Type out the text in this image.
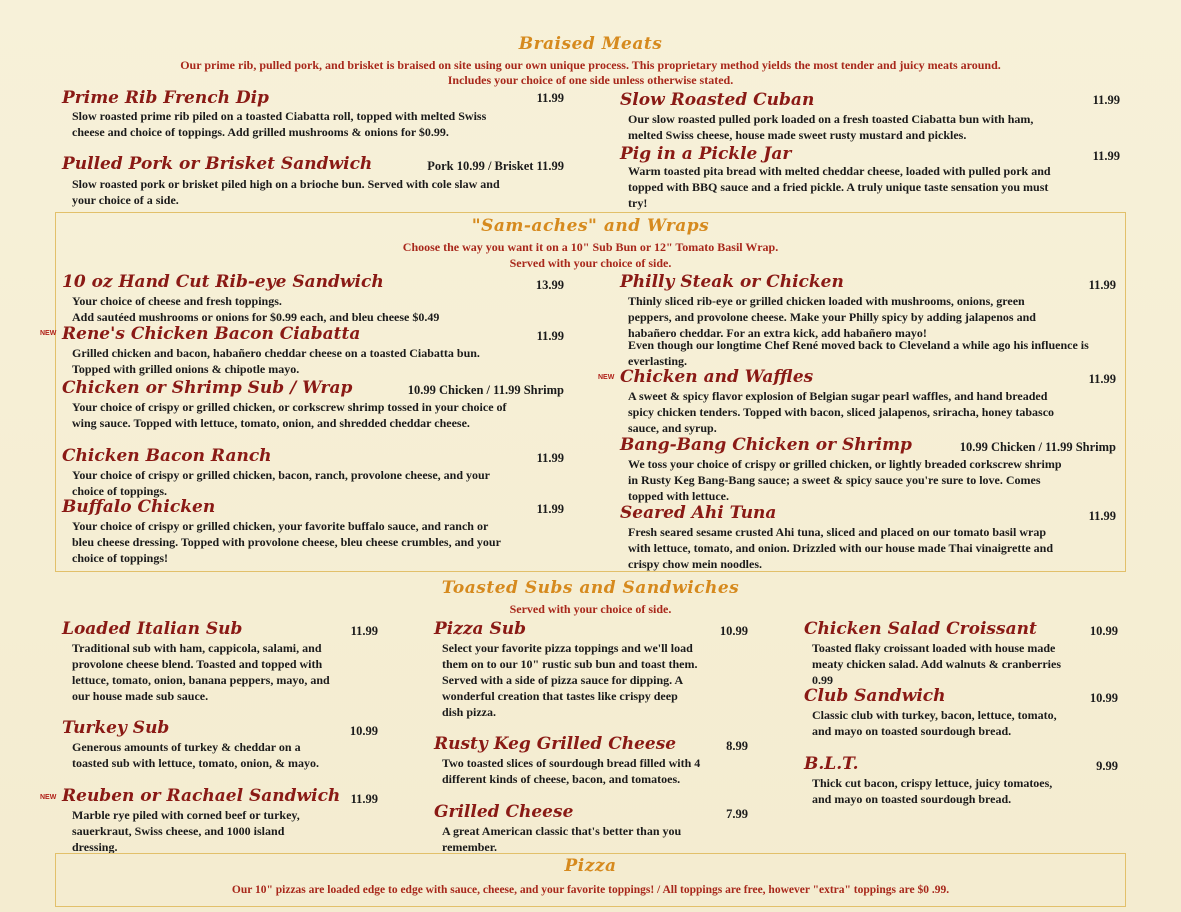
Braised Meats
Our prime rib, pulled pork, and brisket is braised on site using our own unique process. This proprietary method yields the most tender and juicy meats around.
Includes your choice of one side unless otherwise stated.
Prime Rib French Dip	11.99
Slow roasted prime rib piled on a toasted Ciabatta roll, topped with melted Swiss cheese and choice of toppings. Add grilled mushrooms & onions for $0.99.
Pulled Pork or Brisket Sandwich	Pork 10.99 / Brisket 11.99
Slow roasted pork or brisket piled high on a brioche bun. Served with cole slaw and your choice of a side.
Slow Roasted Cuban	11.99
Our slow roasted pulled pork loaded on a fresh toasted Ciabatta bun with ham, melted Swiss cheese, house made sweet rusty mustard and pickles.
Pig in a Pickle Jar	11.99
Warm toasted pita bread with melted cheddar cheese, loaded with pulled pork and topped with BBQ sauce and a fried pickle. A truly unique taste sensation you must try!
"Sam-aches" and Wraps
Choose the way you want it on a 10" Sub Bun or 12" Tomato Basil Wrap.
Served with your choice of side.
10 oz Hand Cut Rib-eye Sandwich	13.99
Your choice of cheese and fresh toppings.
Add sautéed mushrooms or onions for $0.99 each, and bleu cheese $0.49
NEW Rene's Chicken Bacon Ciabatta	11.99
Grilled chicken and bacon, habañero cheddar cheese on a toasted Ciabatta bun. Topped with grilled onions & chipotle mayo.
Chicken or Shrimp Sub / Wrap	10.99 Chicken / 11.99 Shrimp
Your choice of crispy or grilled chicken, or corkscrew shrimp tossed in your choice of wing sauce. Topped with lettuce, tomato, onion, and shredded cheddar cheese.
Chicken Bacon Ranch	11.99
Your choice of crispy or grilled chicken, bacon, ranch, provolone cheese, and your choice of toppings.
Buffalo Chicken	11.99
Your choice of crispy or grilled chicken, your favorite buffalo sauce, and ranch or bleu cheese dressing. Topped with provolone cheese, bleu cheese crumbles, and your choice of toppings!
Philly Steak or Chicken	11.99
Thinly sliced rib-eye or grilled chicken loaded with mushrooms, onions, green peppers, and provolone cheese. Make your Philly spicy by adding jalapenos and habañero cheddar. For an extra kick, add habañero mayo!
Even though our longtime Chef René moved back to Cleveland a while ago his influence is everlasting.
NEW Chicken and Waffles	11.99
A sweet & spicy flavor explosion of Belgian sugar pearl waffles, and hand breaded spicy chicken tenders. Topped with bacon, sliced jalapenos, sriracha, honey tabasco sauce, and syrup.
Bang-Bang Chicken or Shrimp	10.99 Chicken / 11.99 Shrimp
We toss your choice of crispy or grilled chicken, or lightly breaded corkscrew shrimp in Rusty Keg Bang-Bang sauce; a sweet & spicy sauce you're sure to love. Comes topped with lettuce.
Seared Ahi Tuna	11.99
Fresh seared sesame crusted Ahi tuna, sliced and placed on our tomato basil wrap with lettuce, tomato, and onion. Drizzled with our house made Thai vinaigrette and crispy chow mein noodles.
Toasted Subs and Sandwiches
Served with your choice of side.
Loaded Italian Sub	11.99
Traditional sub with ham, cappicola, salami, and provolone cheese blend. Toasted and topped with lettuce, tomato, onion, banana peppers, mayo, and our house made sub sauce.
Turkey Sub	10.99
Generous amounts of turkey & cheddar on a toasted sub with lettuce, tomato, onion, & mayo.
NEW Reuben or Rachael Sandwich 11.99
Marble rye piled with corned beef or turkey, sauerkraut, Swiss cheese, and 1000 island dressing.
Pizza Sub	10.99
Select your favorite pizza toppings and we'll load them on to our 10" rustic sub bun and toast them. Served with a side of pizza sauce for dipping. A wonderful creation that tastes like crispy deep dish pizza.
Rusty Keg Grilled Cheese	8.99
Two toasted slices of sourdough bread filled with 4 different kinds of cheese, bacon, and tomatoes.
Grilled Cheese	7.99
A great American classic that's better than you remember.
Chicken Salad Croissant	10.99
Toasted flaky croissant loaded with house made meaty chicken salad. Add walnuts & cranberries 0.99
Club Sandwich	10.99
Classic club with turkey, bacon, lettuce, tomato, and mayo on toasted sourdough bread.
B.L.T.	9.99
Thick cut bacon, crispy lettuce, juicy tomatoes, and mayo on toasted sourdough bread.
Pizza
Our 10" pizzas are loaded edge to edge with sauce, cheese, and your favorite toppings! / All toppings are free, however "extra" toppings are $0 .99.
